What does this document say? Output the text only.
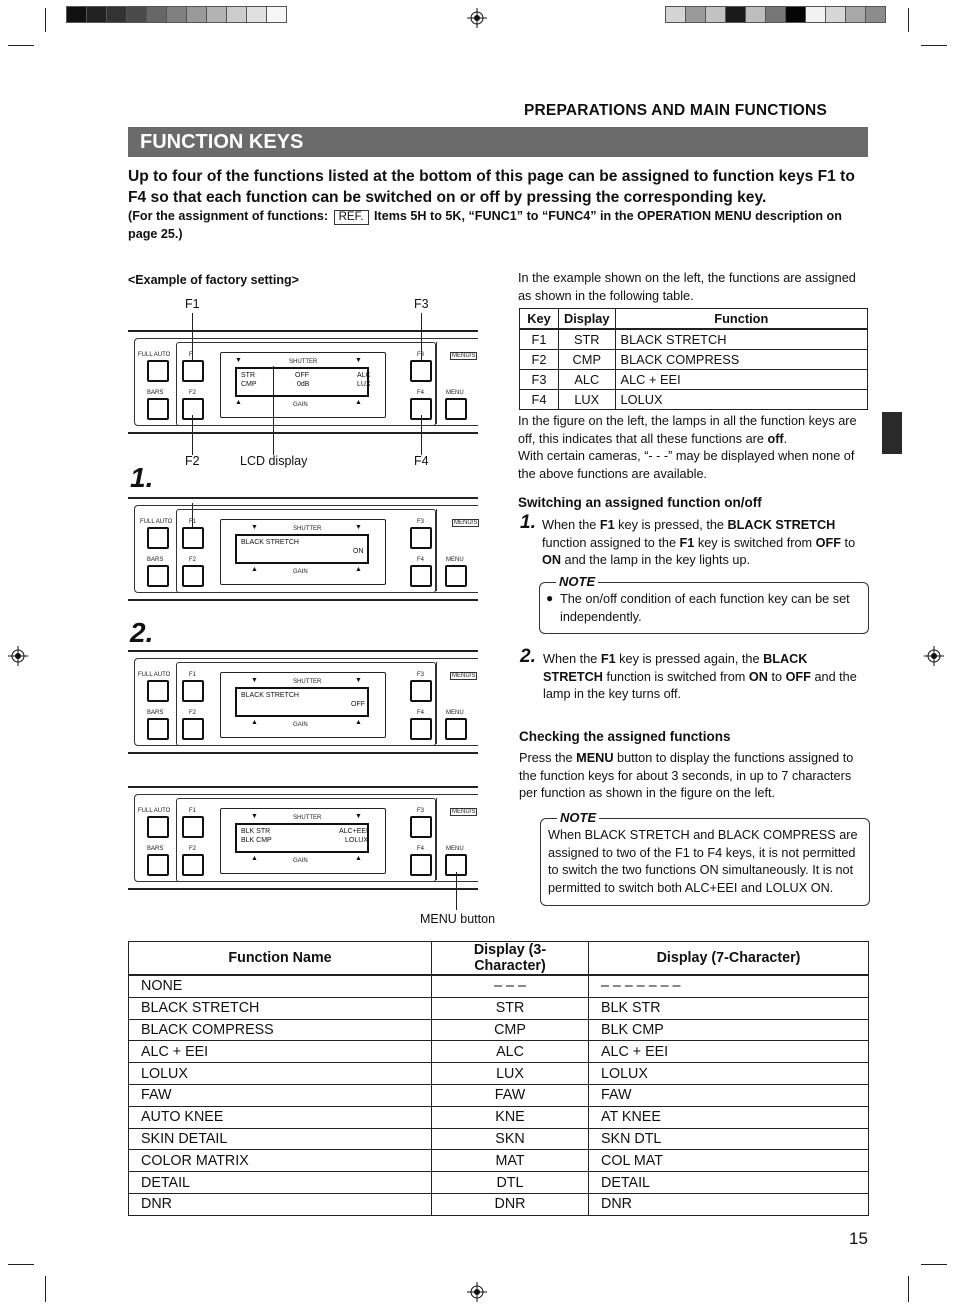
PREPARATIONS AND MAIN FUNCTIONS
FUNCTION KEYS
Up to four of the functions listed at the bottom of this page can be assigned to function keys F1 to F4 so that each function can be switched on or off by pressing the corresponding key.
(For the assignment of functions: REF. Items 5H to 5K, “FUNC1” to “FUNC4” in the OPERATION MENU description on page 25.)
<Example of factory setting>
F1	F3
FULL AUTO
BARS
F
F2
▼	SHUTTER	▼
STR
CMP
OFF
0dB
ALC
LUX
▲	GAIN	▲
F3
F4
MENU/S
MENU
F2	LCD display	F4
1.
FULL AUTO
BARS
F1
F2
▼	SHUTTER	▼
BLACK STRETCH
ON
▲	GAIN	▲
F3
F4
MENU/S
MENU
2.
FULL AUTO
BARS
F1
F2
▼	SHUTTER	▼
BLACK STRETCH
OFF
▲	GAIN	▲
F3
F4
MENU/S
MENU
FULL AUTO
BARS
F1
F2
▼	SHUTTER	▼
BLK STR
BLK CMP
ALC+EEI
LOLUX
▲	GAIN	▲
F3
F4
MENU/S
MENU
MENU button
In the example shown on the left, the functions are assigned as shown in the following table.
Key	Display	Function
F1	STR	BLACK STRETCH
F2	CMP	BLACK COMPRESS
F3	ALC	ALC + EEI
F4	LUX	LOLUX
In the figure on the left, the lamps in all the function keys are off, this indicates that all these functions are off.
With certain cameras, “- - -” may be displayed when none of the above functions are available.
Switching an assigned function on/off
1. When the F1 key is pressed, the BLACK STRETCH function assigned to the F1 key is switched from OFF to ON and the lamp in the key lights up.
NOTE
● The on/off condition of each function key can be set independently.
2. When the F1 key is pressed again, the BLACK STRETCH function is switched from ON to OFF and the lamp in the key turns off.
Checking the assigned functions
Press the MENU button to display the functions assigned to the function keys for about 3 seconds, in up to 7 characters per function as shown in the figure on the left.
NOTE
When BLACK STRETCH and BLACK COMPRESS are assigned to two of the F1 to F4 keys, it is not permitted to switch the two functions ON simultaneously. It is not permitted to switch both ALC+EEI and LOLUX ON.
Function Name	Display (3-Character)	Display (7-Character)
NONE	– – –	– – – – – – –
BLACK STRETCH	STR	BLK STR
BLACK COMPRESS	CMP	BLK CMP
ALC + EEI	ALC	ALC + EEI
LOLUX	LUX	LOLUX
FAW	FAW	FAW
AUTO KNEE	KNE	AT KNEE
SKIN DETAIL	SKN	SKN DTL
COLOR MATRIX	MAT	COL MAT
DETAIL	DTL	DETAIL
DNR	DNR	DNR
15
